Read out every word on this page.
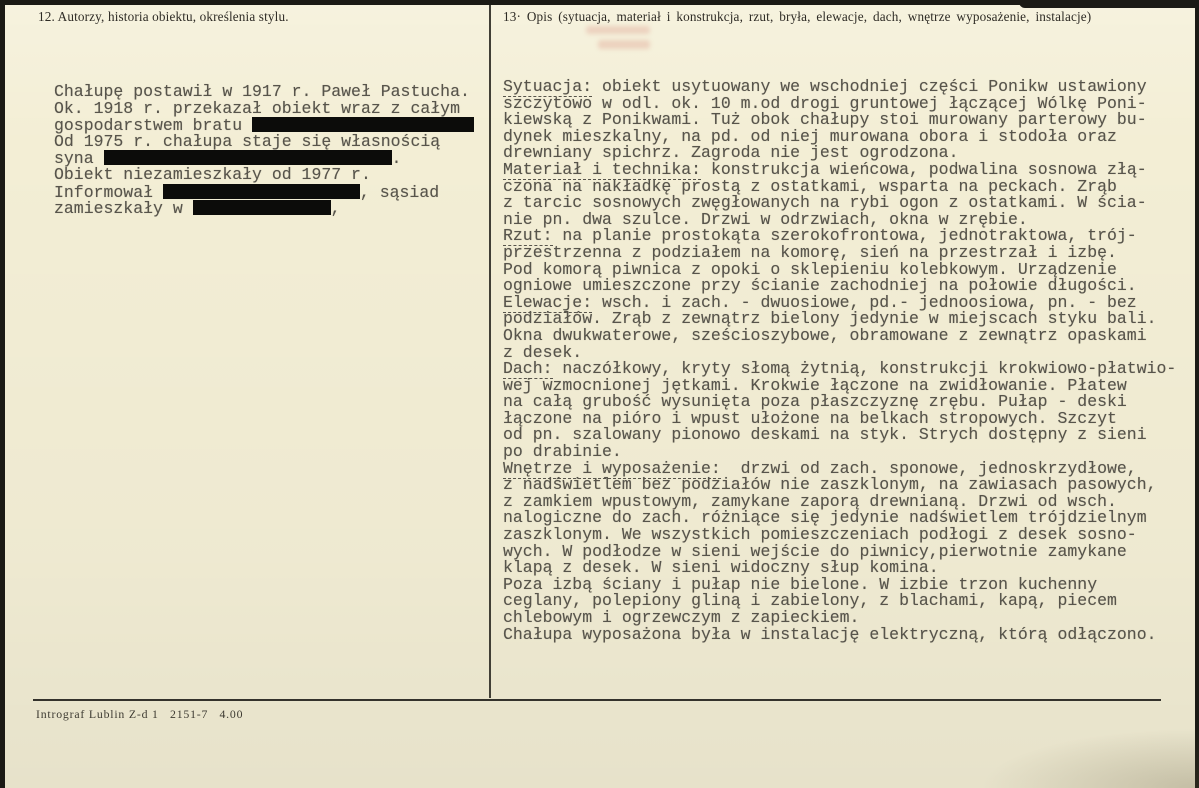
12. Autorzy, historia obiektu, określenia stylu.	13· Opis (sytuacja, materiał i konstrukcja, rzut, bryła, elewacje, dach, wnętrze wyposażenie, instalacje)
Chałupę postawił w 1917 r. Paweł Pastucha.
Ok. 1918 r. przekazał obiekt wraz z całym
gospodarstwem bratu
Od 1975 r. chałupa staje się własnością
syna	.
Obiekt niezamieszkały od 1977 r.
Informował	, sąsiad
zamieszkały w	,
Sytuacja: obiekt usytuowany we wschodniej części Ponikw ustawiony
szczytowo w odl. ok. 10 m.od drogi gruntowej łączącej Wólkę Poni-
kiewską z Ponikwami. Tuż obok chałupy stoi murowany parterowy bu-
dynek mieszkalny, na pd. od niej murowana obora i stodoła oraz
drewniany spichrz. Zagroda nie jest ogrodzona.
Materiał i technika: konstrukcja wieńcowa, podwalina sosnowa złą-
czona na nakładkę prostą z ostatkami, wsparta na peckach. Zrąb
z tarcic sosnowych zwęgłowanych na rybi ogon z ostatkami. W ścia-
nie pn. dwa szulce. Drzwi w odrzwiach, okna w zrębie.
Rzut: na planie prostokąta szerokofrontowa, jednotraktowa, trój-
przestrzenna z podziałem na komorę, sień na przestrzał i izbę.
Pod komorą piwnica z opoki o sklepieniu kolebkowym. Urządzenie
ogniowe umieszczone przy ścianie zachodniej na połowie długości.
Elewacje: wsch. i zach. - dwuosiowe, pd.- jednoosiowa, pn. - bez
podziałów. Zrąb z zewnątrz bielony jedynie w miejscach styku bali.
Okna dwukwaterowe, sześcioszybowe, obramowane z zewnątrz opaskami
z desek.
Dach: naczółkowy, kryty słomą żytnią, konstrukcji krokwiowo-płatwio-
wej wzmocnionej jętkami. Krokwie łączone na zwidłowanie. Płatew
na całą grubość wysunięta poza płaszczyznę zrębu. Pułap - deski
łączone na pióro i wpust ułożone na belkach stropowych. Szczyt
od pn. szalowany pionowo deskami na styk. Strych dostępny z sieni
po drabinie.
Wnętrze i wyposażenie:  drzwi od zach. sponowe, jednoskrzydłowe,
z nadświetlem bez podziałów nie zaszklonym, na zawiasach pasowych,
z zamkiem wpustowym, zamykane zaporą drewnianą. Drzwi od wsch.
nalogiczne do zach. różniące się jedynie nadświetlem trójdzielnym
zaszklonym. We wszystkich pomieszczeniach podłogi z desek sosno-
wych. W podłodze w sieni wejście do piwnicy,pierwotnie zamykane
klapą z desek. W sieni widoczny słup komina.
Poza izbą ściany i pułap nie bielone. W izbie trzon kuchenny
ceglany, polepiony gliną i zabielony, z blachami, kapą, piecem
chlebowym i ogrzewczym z zapieckiem.
Chałupa wyposażona była w instalację elektryczną, którą odłączono.
Intrograf Lublin Z-d 1   2151-7   4.00
